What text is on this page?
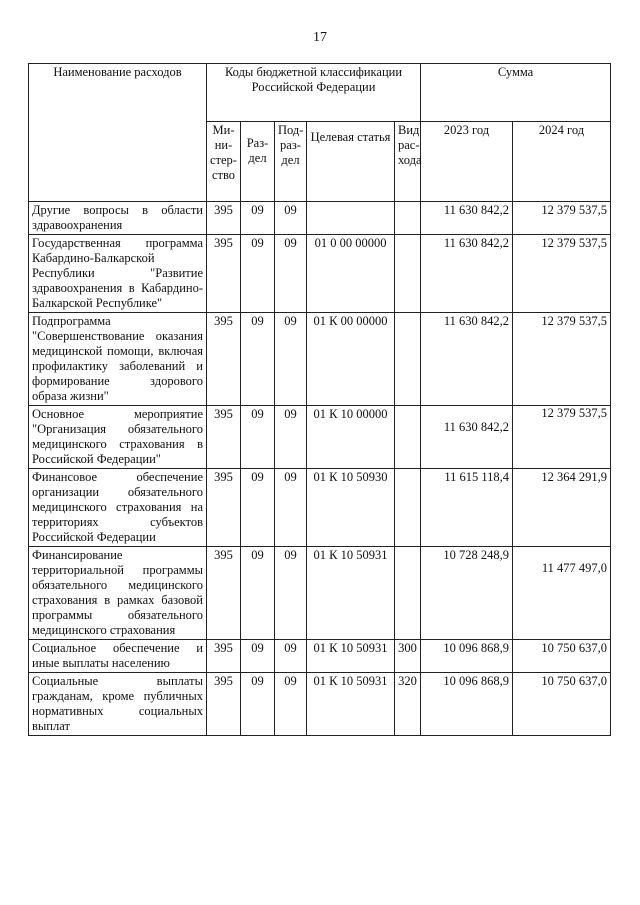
17
Наименование расходов	Коды бюджетной классификации Российской Федерации					Сумма	
	Ми-ни-стер-ство	Раз-дел	Под-раз-дел	Целевая статья	Вид рас-хода	2023 год	2024 год
Другие вопросы в области здравоохранения	395	09	09			11 630 842,2	12 379 537,5
Государственная программа Кабардино-Балкарской Республики "Развитие здравоохранения в Кабардино-Балкарской Республике"	395	09	09	01 0 00 00000		11 630 842,2	12 379 537,5
Подпрограмма "Совершенствование оказания медицинской помощи, включая профилактику заболеваний и формирование здорового образа жизни"	395	09	09	01 К 00 00000		11 630 842,2	12 379 537,5
Основное мероприятие "Организация обязательного медицинского страхования в Российской Федерации"	395	09	09	01 К 10 00000		11 630 842,2	12 379 537,5
Финансовое обеспечение организации обязательного медицинского страхования на территориях субъектов Российской Федерации	395	09	09	01 К 10 50930		11 615 118,4	12 364 291,9
Финансирование территориальной программы обязательного медицинского страхования в рамках базовой программы обязательного медицинского страхования	395	09	09	01 К 10 50931		10 728 248,9	11 477 497,0
Социальное обеспечение и иные выплаты населению	395	09	09	01 К 10 50931	300	10 096 868,9	10 750 637,0
Социальные выплаты гражданам, кроме публичных нормативных социальных выплат	395	09	09	01 К 10 50931	320	10 096 868,9	10 750 637,0
